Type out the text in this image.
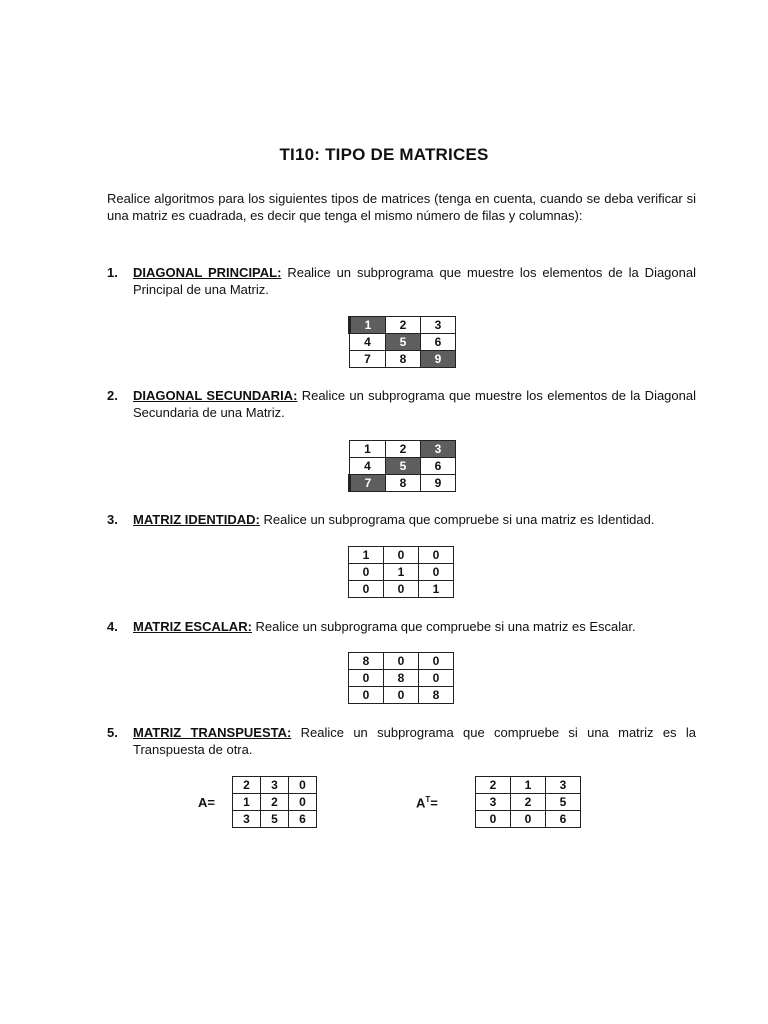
TI10: TIPO DE MATRICES
Realice algoritmos para los siguientes tipos de matrices (tenga en cuenta, cuando se deba verificar si una matriz es cuadrada, es decir que tenga el mismo número de filas y columnas):
1. DIAGONAL PRINCIPAL: Realice un subprograma que muestre los elementos de la Diagonal Principal de una Matriz.
1	2	3
4	5	6
7	8	9
2. DIAGONAL SECUNDARIA: Realice un subprograma que muestre los elementos de la Diagonal Secundaria de una Matriz.
1	2	3
4	5	6
7	8	9
3. MATRIZ IDENTIDAD: Realice un subprograma que compruebe si una matriz es Identidad.
1	0	0
0	1	0
0	0	1
4. MATRIZ ESCALAR: Realice un subprograma que compruebe si una matriz es Escalar.
8	0	0
0	8	0
0	0	8
5. MATRIZ TRANSPUESTA: Realice un subprograma que compruebe si una matriz es la Transpuesta de otra.
A=
2	3	0
1	2	0
3	5	6
$A^T=$
2	1	3
3	2	5
0	0	6
